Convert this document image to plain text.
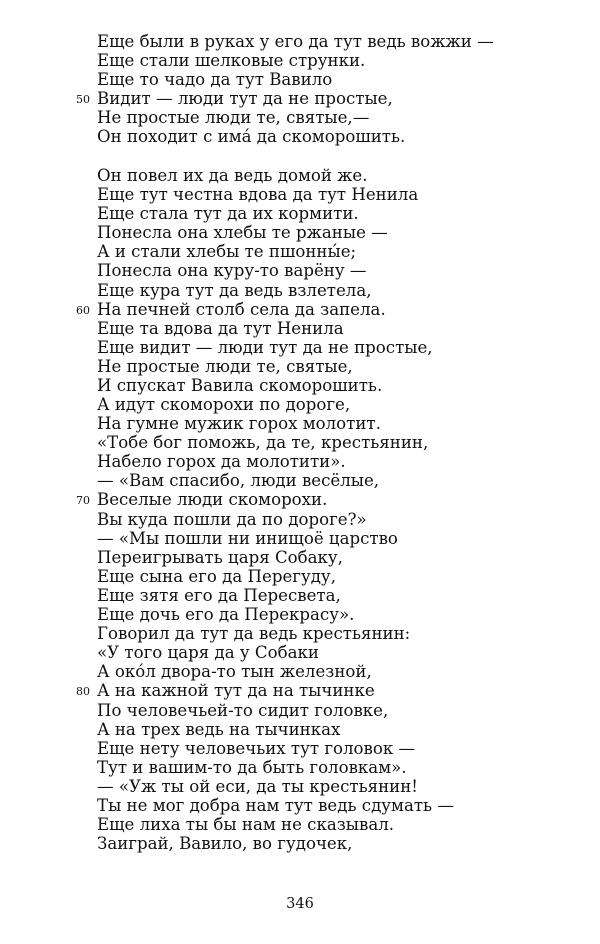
Еще были в руках у его да тут ведь вожжи —
Еще стали шелковые струнки.
Еще то чадо да тут Вавило
50 Видит — люди тут да не простые,
Не простые люди те, святые,—
Он походит с има́ да скоморошить.
Он повел их да ведь домой же.
Еще тут честна вдова да тут Ненила
Еще стала тут да их кормити.
Понесла она хлебы те ржаные —
А и стали хлебы те пшонны́е;
Понесла она куру-то варёну —
Еще кура тут да ведь взлетела,
60 На печней столб села да запела.
Еще та вдова да тут Ненила
Еще видит — люди тут да не простые,
Не простые люди те, святые,
И спускат Вавила скоморошить.
А идут скоморохи по дороге,
На гумне мужик горох молотит.
«Тобе бог поможь, да те, крестьянин,
Набело горох да молотити».
— «Вам спасибо, люди весёлые,
70 Веселые люди скоморохи.
Вы куда пошли да по дороге?»
— «Мы пошли ни инищоё царство
Переигрывать царя Собаку,
Еще сына его да Перегуду,
Еще зятя его да Пересвета,
Еще дочь его да Перекрасу».
Говорил да тут да ведь крестьянин:
«У того царя да у Собаки
А око́л двора-то тын железной,
80 А на кажной тут да на тычинке
По человечьей-то сидит головке,
А на трех ведь на тычинках
Еще нету человечьих тут головок —
Тут и вашим-то да быть головкам».
— «Уж ты ой еси, да ты крестьянин!
Ты не мог добра нам тут ведь сдумать —
Еще лиха ты бы нам не сказывал.
Заиграй, Вавило, во гудочек,
346
